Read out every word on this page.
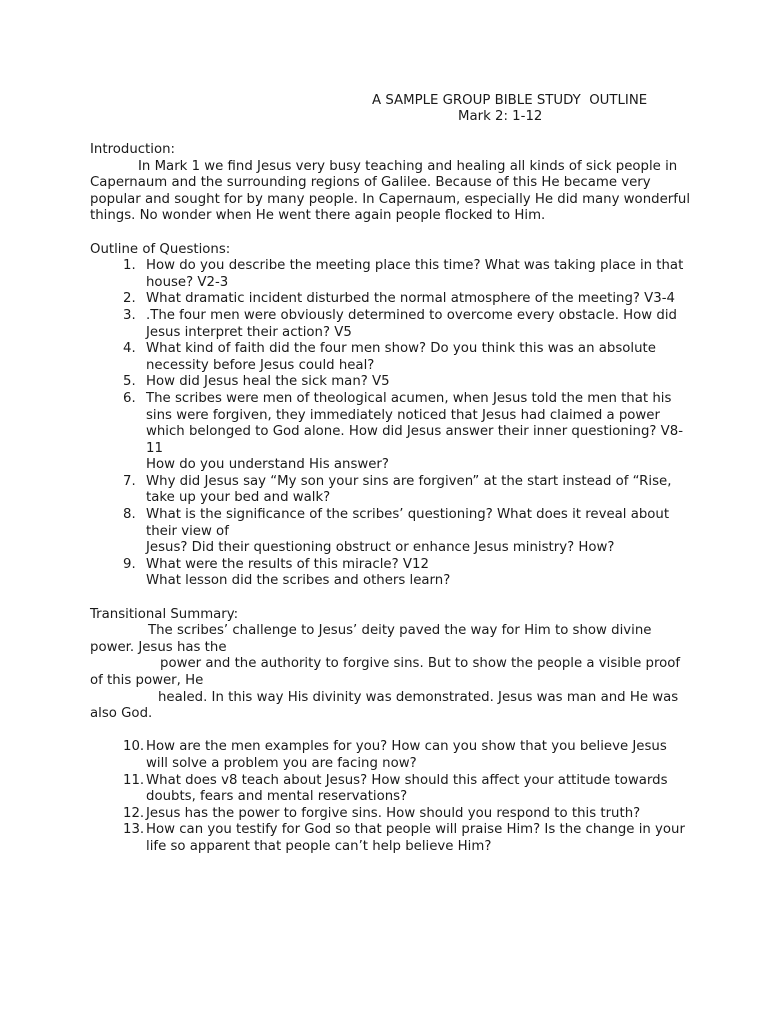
A SAMPLE GROUP BIBLE STUDY  OUTLINE
Mark 2: 1-12

Introduction:

In Mark 1 we find Jesus very busy teaching and healing all kinds of sick people in Capernaum and the surrounding regions of Galilee. Because of this He became very popular and sought for by many people. In Capernaum, especially He did many wonderful things. No wonder when He went there again people flocked to Him.

Outline of Questions:

1. How do you describe the meeting place this time? What was taking place in that house? V2-3
2. What dramatic incident disturbed the normal atmosphere of the meeting? V3-4
3. .The four men were obviously determined to overcome every obstacle. How did Jesus interpret their action? V5
4. What kind of faith did the four men show? Do you think this was an absolute necessity before Jesus could heal?
5. How did Jesus heal the sick man? V5
6. The scribes were men of theological acumen, when Jesus told the men that his sins were forgiven, they immediately noticed that Jesus had claimed a power which belonged to God alone. How did Jesus answer their inner questioning? V8-11
How do you understand His answer?
7. Why did Jesus say “My son your sins are forgiven” at the start instead of “Rise, take up your bed and walk?
8. What is the significance of the scribes’ questioning? What does it reveal about their view of
Jesus? Did their questioning obstruct or enhance Jesus ministry? How?
9. What were the results of this miracle? V12
What lesson did the scribes and others learn?

Transitional Summary:

The scribes’ challenge to Jesus’ deity paved the way for Him to show divine power. Jesus has the

power and the authority to forgive sins. But to show the people a visible proof of this power, He

healed. In this way His divinity was demonstrated. Jesus was man and He was also God.

10. How are the men examples for you? How can you show that you believe Jesus will solve a problem you are facing now?
11. What does v8 teach about Jesus? How should this affect your attitude towards doubts, fears and mental reservations?
12. Jesus has the power to forgive sins. How should you respond to this truth?
13. How can you testify for God so that people will praise Him? Is the change in your life so apparent that people can’t help believe Him?
